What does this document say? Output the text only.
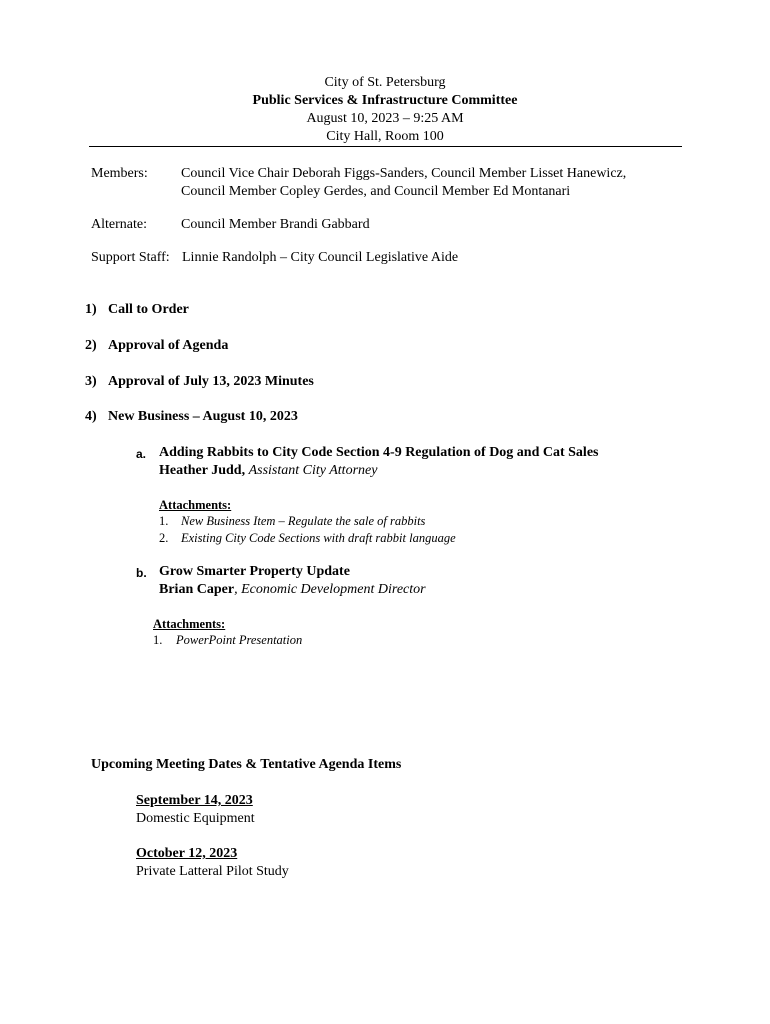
City of St. Petersburg
Public Services & Infrastructure Committee
August 10, 2023 – 9:25 AM
City Hall, Room 100
Members: Council Vice Chair Deborah Figgs-Sanders, Council Member Lisset Hanewicz,
Council Member Copley Gerdes, and Council Member Ed Montanari
Alternate: Council Member Brandi Gabbard
Support Staff: Linnie Randolph – City Council Legislative Aide
1) Call to Order
2) Approval of Agenda
3) Approval of July 13, 2023 Minutes
4) New Business – August 10, 2023
a. Adding Rabbits to City Code Section 4-9 Regulation of Dog and Cat Sales
Heather Judd, Assistant City Attorney
Attachments:
1. New Business Item – Regulate the sale of rabbits
2. Existing City Code Sections with draft rabbit language
b. Grow Smarter Property Update
Brian Caper, Economic Development Director
Attachments:
1. PowerPoint Presentation
Upcoming Meeting Dates & Tentative Agenda Items
September 14, 2023
Domestic Equipment
October 12, 2023
Private Latteral Pilot Study
